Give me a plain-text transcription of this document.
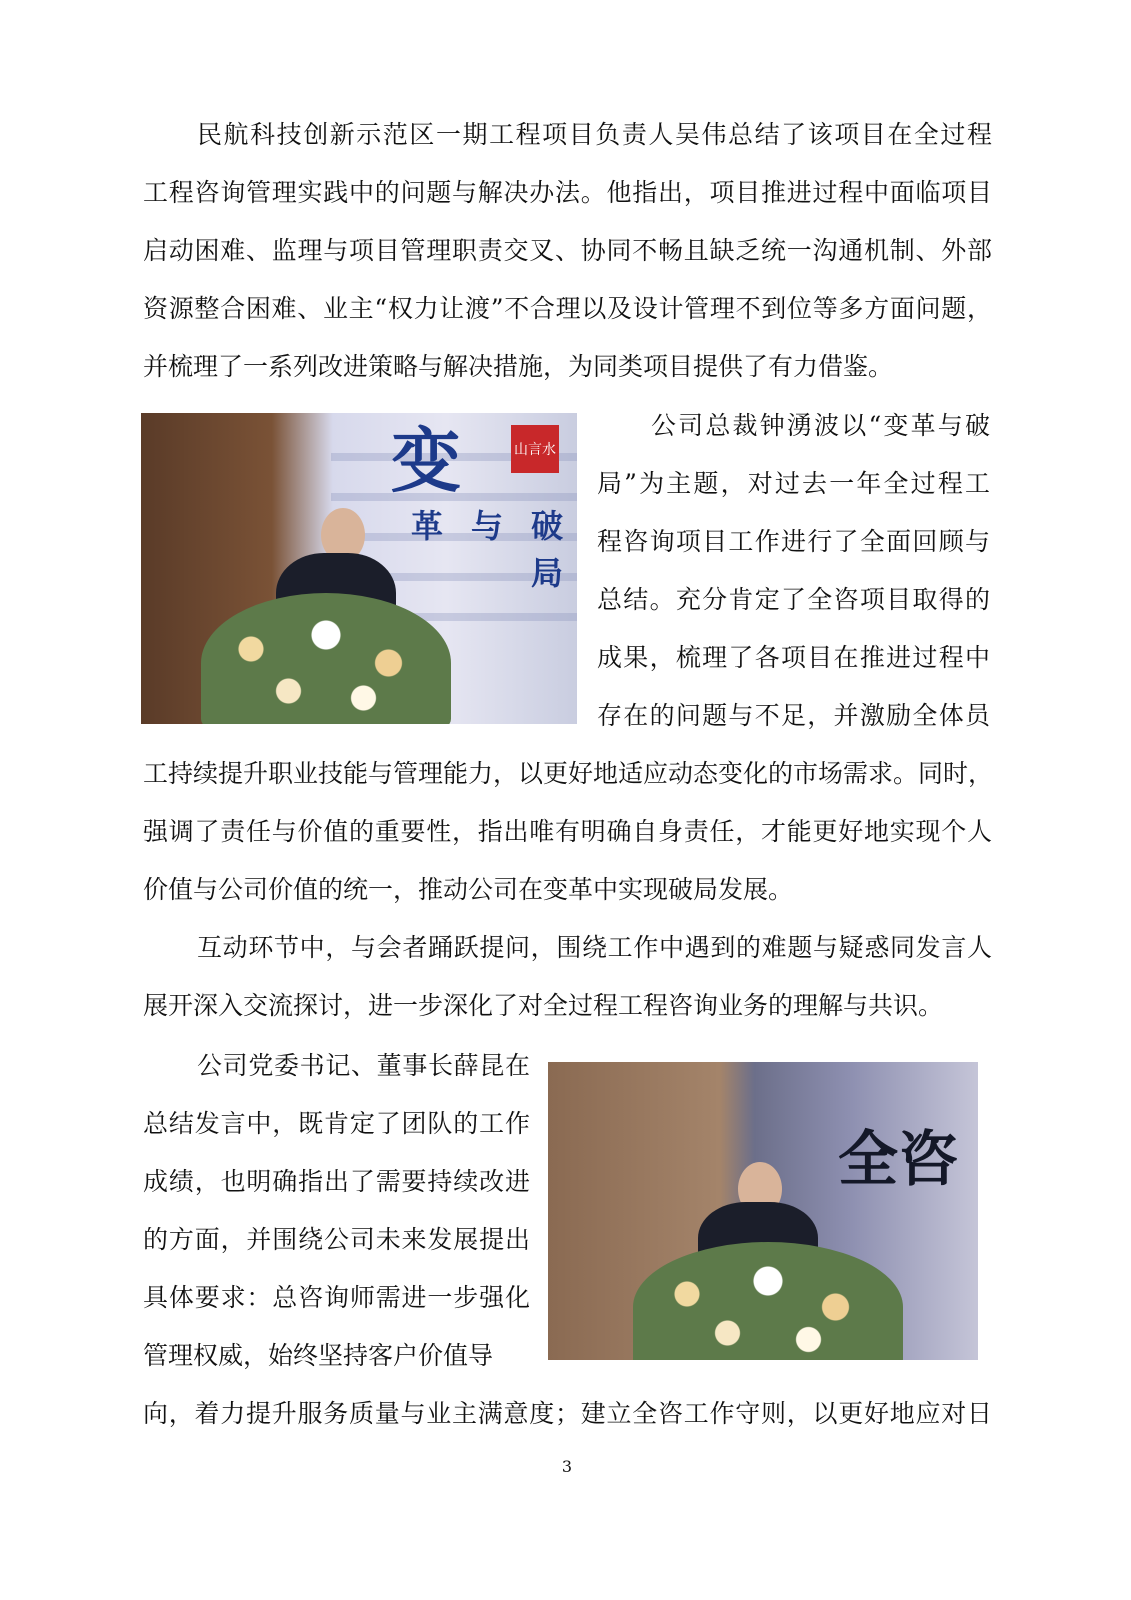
民航科技创新示范区一期工程项目负责人吴伟总结了该项目在全过程
工程咨询管理实践中的问题与解决办法。他指出，项目推进过程中面临项目
启动困难、监理与项目管理职责交叉、协同不畅且缺乏统一沟通机制、外部
资源整合困难、业主“权力让渡”不合理以及设计管理不到位等多方面问题，
并梳理了一系列改进策略与解决措施，为同类项目提供了有力借鉴。
变	山言水
革 与 破
局
公司总裁钟湧波以“变革与破
局”为主题，对过去一年全过程工
程咨询项目工作进行了全面回顾与
总结。充分肯定了全咨项目取得的
成果，梳理了各项目在推进过程中
存在的问题与不足，并激励全体员
工持续提升职业技能与管理能力，以更好地适应动态变化的市场需求。同时，
强调了责任与价值的重要性，指出唯有明确自身责任，才能更好地实现个人
价值与公司价值的统一，推动公司在变革中实现破局发展。
互动环节中，与会者踊跃提问，围绕工作中遇到的难题与疑惑同发言人
展开深入交流探讨，进一步深化了对全过程工程咨询业务的理解与共识。
公司党委书记、董事长薛昆在
总结发言中，既肯定了团队的工作
成绩，也明确指出了需要持续改进
的方面，并围绕公司未来发展提出
具体要求：总咨询师需进一步强化
管理权威，始终坚持客户价值导
向，着力提升服务质量与业主满意度；建立全咨工作守则，以更好地应对日
全咨
3
